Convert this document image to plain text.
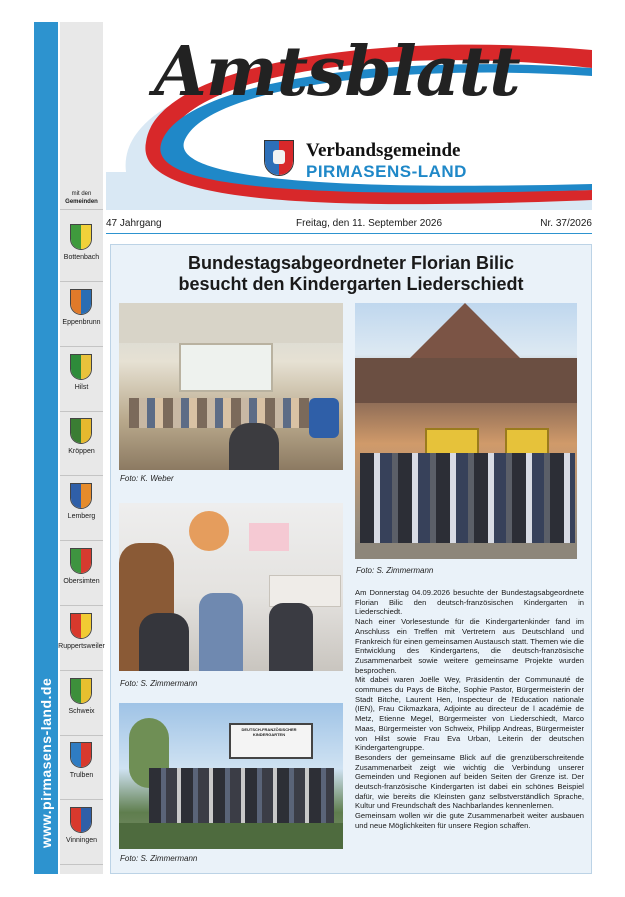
mit den
Gemeinden
Bottenbach
Eppenbrunn
Hilst
Kröppen
Lemberg
Obersimten
Ruppertsweiler
Schweix
Trulben
Vinningen
Amtsblatt
Verbandsgemeinde
PIRMASENS-LAND
47 Jahrgang	Freitag, den 11. September 2026	Nr. 37/2026
Bundestagsabgeordneter Florian Bilic
besucht den Kindergarten Liederschiedt
Foto: K. Weber
Foto: S. Zimmermann
DEUTSCH-FRANZÖSISCHER KINDERGARTEN
Foto: S. Zimmermann
Foto: S. Zimmermann

Am Donnerstag 04.09.2026 besuchte der Bundestagsabgeordnete Florian Bilic den deutsch-französischen Kindergarten in Liederschiedt.

Nach einer Vorlesestunde für die Kindergartenkinder fand im Anschluss ein Treffen mit Vertretern aus Deutschland und Frankreich für einen gemeinsamen Austausch statt. Themen wie die Entwicklung des Kindergartens, die deutsch-französische Zusammenarbeit sowie weitere gemeinsame Projekte wurden besprochen.

Mit dabei waren Joëlle Wey, Präsidentin der Communauté de communes du Pays de Bitche, Sophie Pastor, Bürgermeisterin der Stadt Bitche, Laurent Hen, Inspecteur de l'Education nationale (IEN), Frau Cikmazkara, Adjointe au directeur de l académie de Metz, Etienne Megel, Bürgermeister von Liederschiedt, Marco Maas, Bürgermeister von Schweix, Philipp Andreas, Bürgermeister von Hilst sowie Frau Eva Urban, Leiterin der deutschen Kindergartengruppe.

Besonders der gemeinsame Blick auf die grenzüberschreitende Zusammenarbeit zeigt wie wichtig die Verbindung unserer Gemeinden und Regionen auf beiden Seiten der Grenze ist. Der deutsch-französische Kindergarten ist dabei ein schönes Beispiel dafür, wie bereits die Kleinsten ganz selbstverständlich Sprache, Kultur und Freundschaft des Nachbarlandes kennenlernen.

Gemeinsam wollen wir die gute Zusammenarbeit weiter ausbauen und neue Möglichkeiten für unsere Region schaffen.
